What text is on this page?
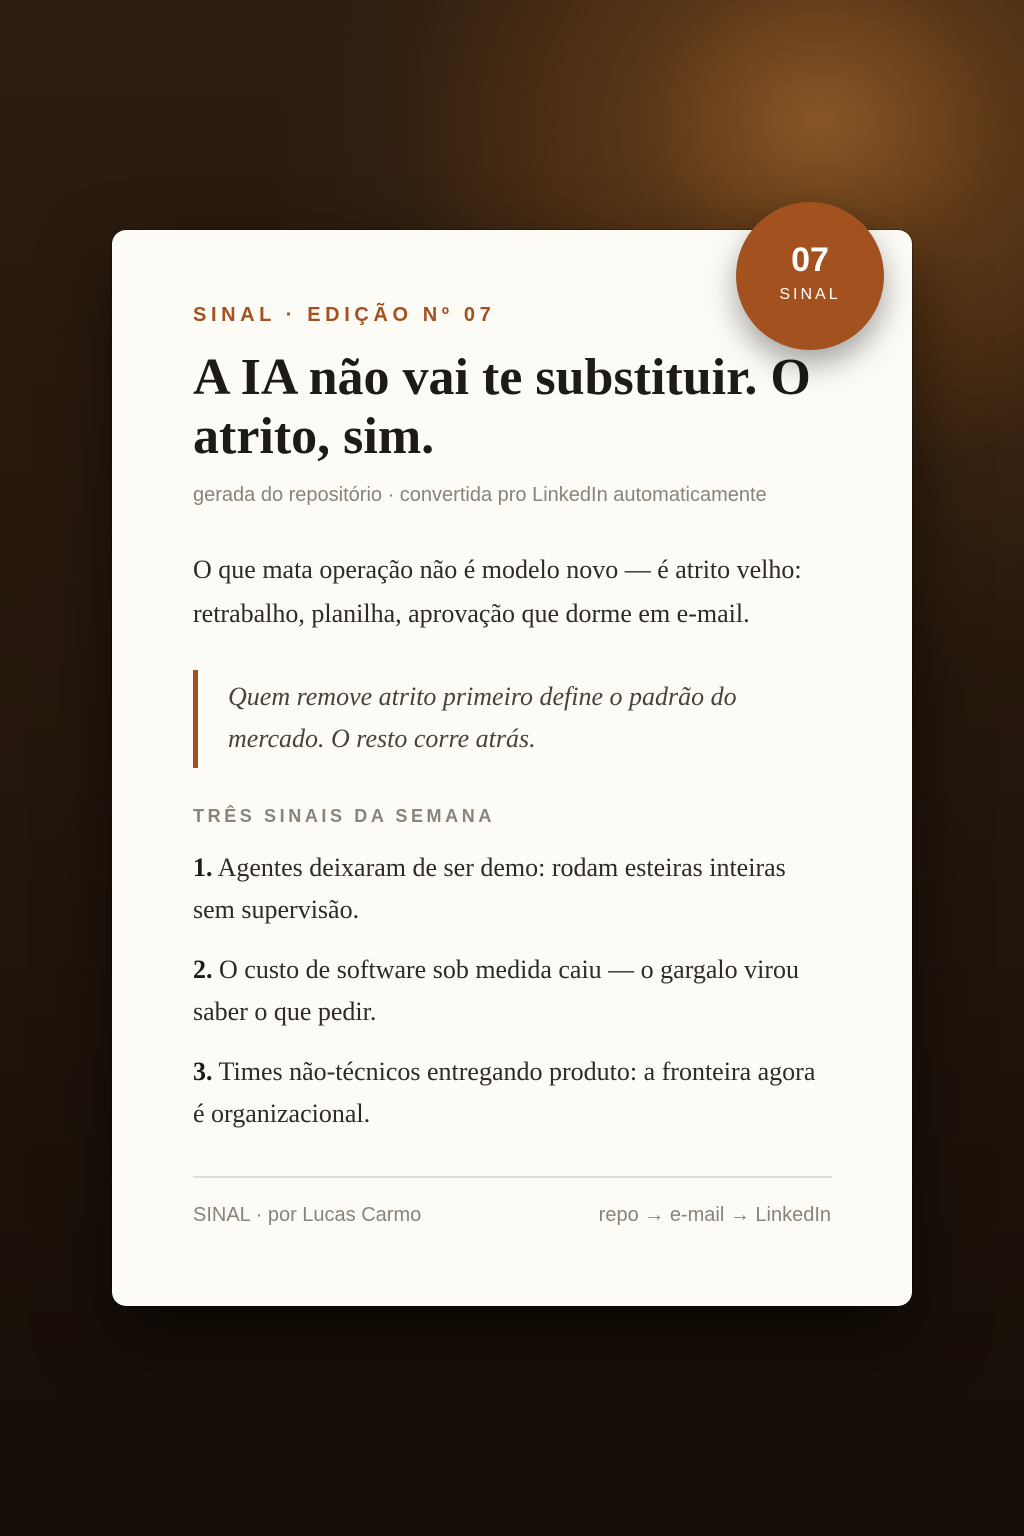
SINAL · EDIÇÃO Nº 07
A IA não vai te substituir. O atrito, sim.
gerada do repositório · convertida pro LinkedIn automaticamente

O que mata operação não é modelo novo — é atrito velho: retrabalho, planilha, aprovação que dorme em e-mail.

Quem remove atrito primeiro define o padrão do mercado. O resto corre atrás.
TRÊS SINAIS DA SEMANA
1. Agentes deixaram de ser demo: rodam esteiras inteiras sem supervisão.
2. O custo de software sob medida caiu — o gargalo virou saber o que pedir.
3. Times não-técnicos entregando produto: a fronteira agora é organizacional.
SINAL · por Lucas Carmo	repo → e-mail → LinkedIn
07
SINAL
